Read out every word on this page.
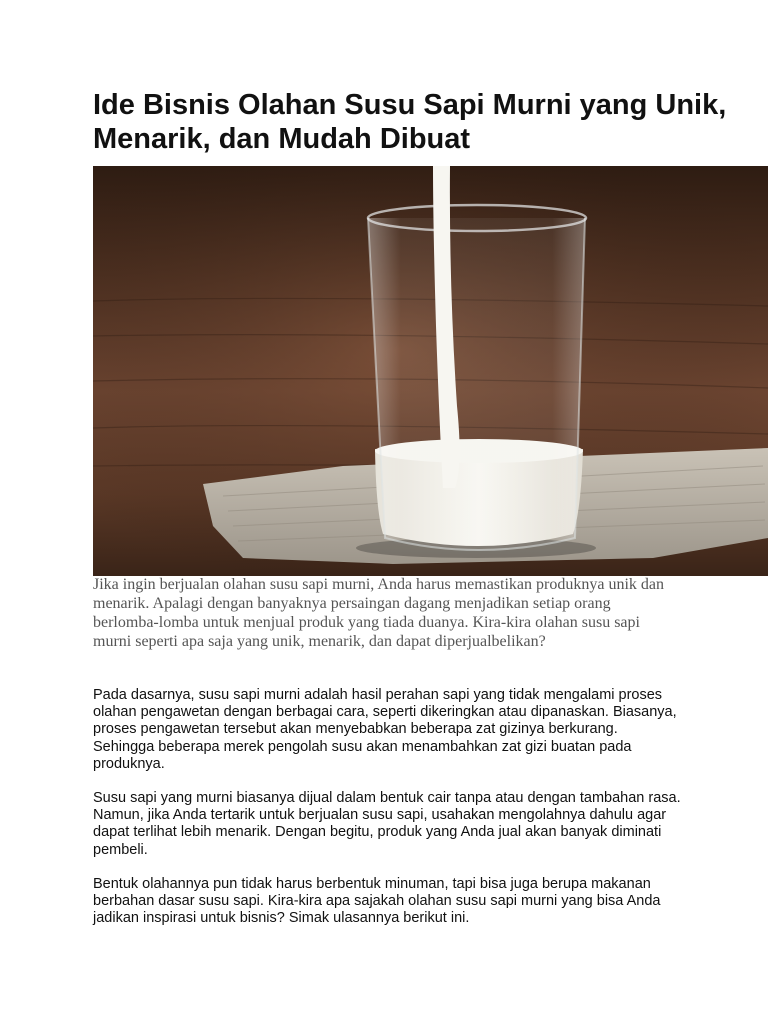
Ide Bisnis Olahan Susu Sapi Murni yang Unik, Menarik, dan Mudah Dibuat

Jika ingin berjualan olahan susu sapi murni, Anda harus memastikan produknya unik dan menarik. Apalagi dengan banyaknya persaingan dagang menjadikan setiap orang berlomba-lomba untuk menjual produk yang tiada duanya. Kira-kira olahan susu sapi murni seperti apa saja yang unik, menarik, dan dapat diperjualbelikan?

Pada dasarnya, susu sapi murni adalah hasil perahan sapi yang tidak mengalami proses olahan pengawetan dengan berbagai cara, seperti dikeringkan atau dipanaskan. Biasanya, proses pengawetan tersebut akan menyebabkan beberapa zat gizinya berkurang. Sehingga beberapa merek pengolah susu akan menambahkan zat gizi buatan pada produknya.

Susu sapi yang murni biasanya dijual dalam bentuk cair tanpa atau dengan tambahan rasa. Namun, jika Anda tertarik untuk berjualan susu sapi, usahakan mengolahnya dahulu agar dapat terlihat lebih menarik. Dengan begitu, produk yang Anda jual akan banyak diminati pembeli.

Bentuk olahannya pun tidak harus berbentuk minuman, tapi bisa juga berupa makanan berbahan dasar susu sapi. Kira-kira apa sajakah olahan susu sapi murni yang bisa Anda jadikan inspirasi untuk bisnis? Simak ulasannya berikut ini.
